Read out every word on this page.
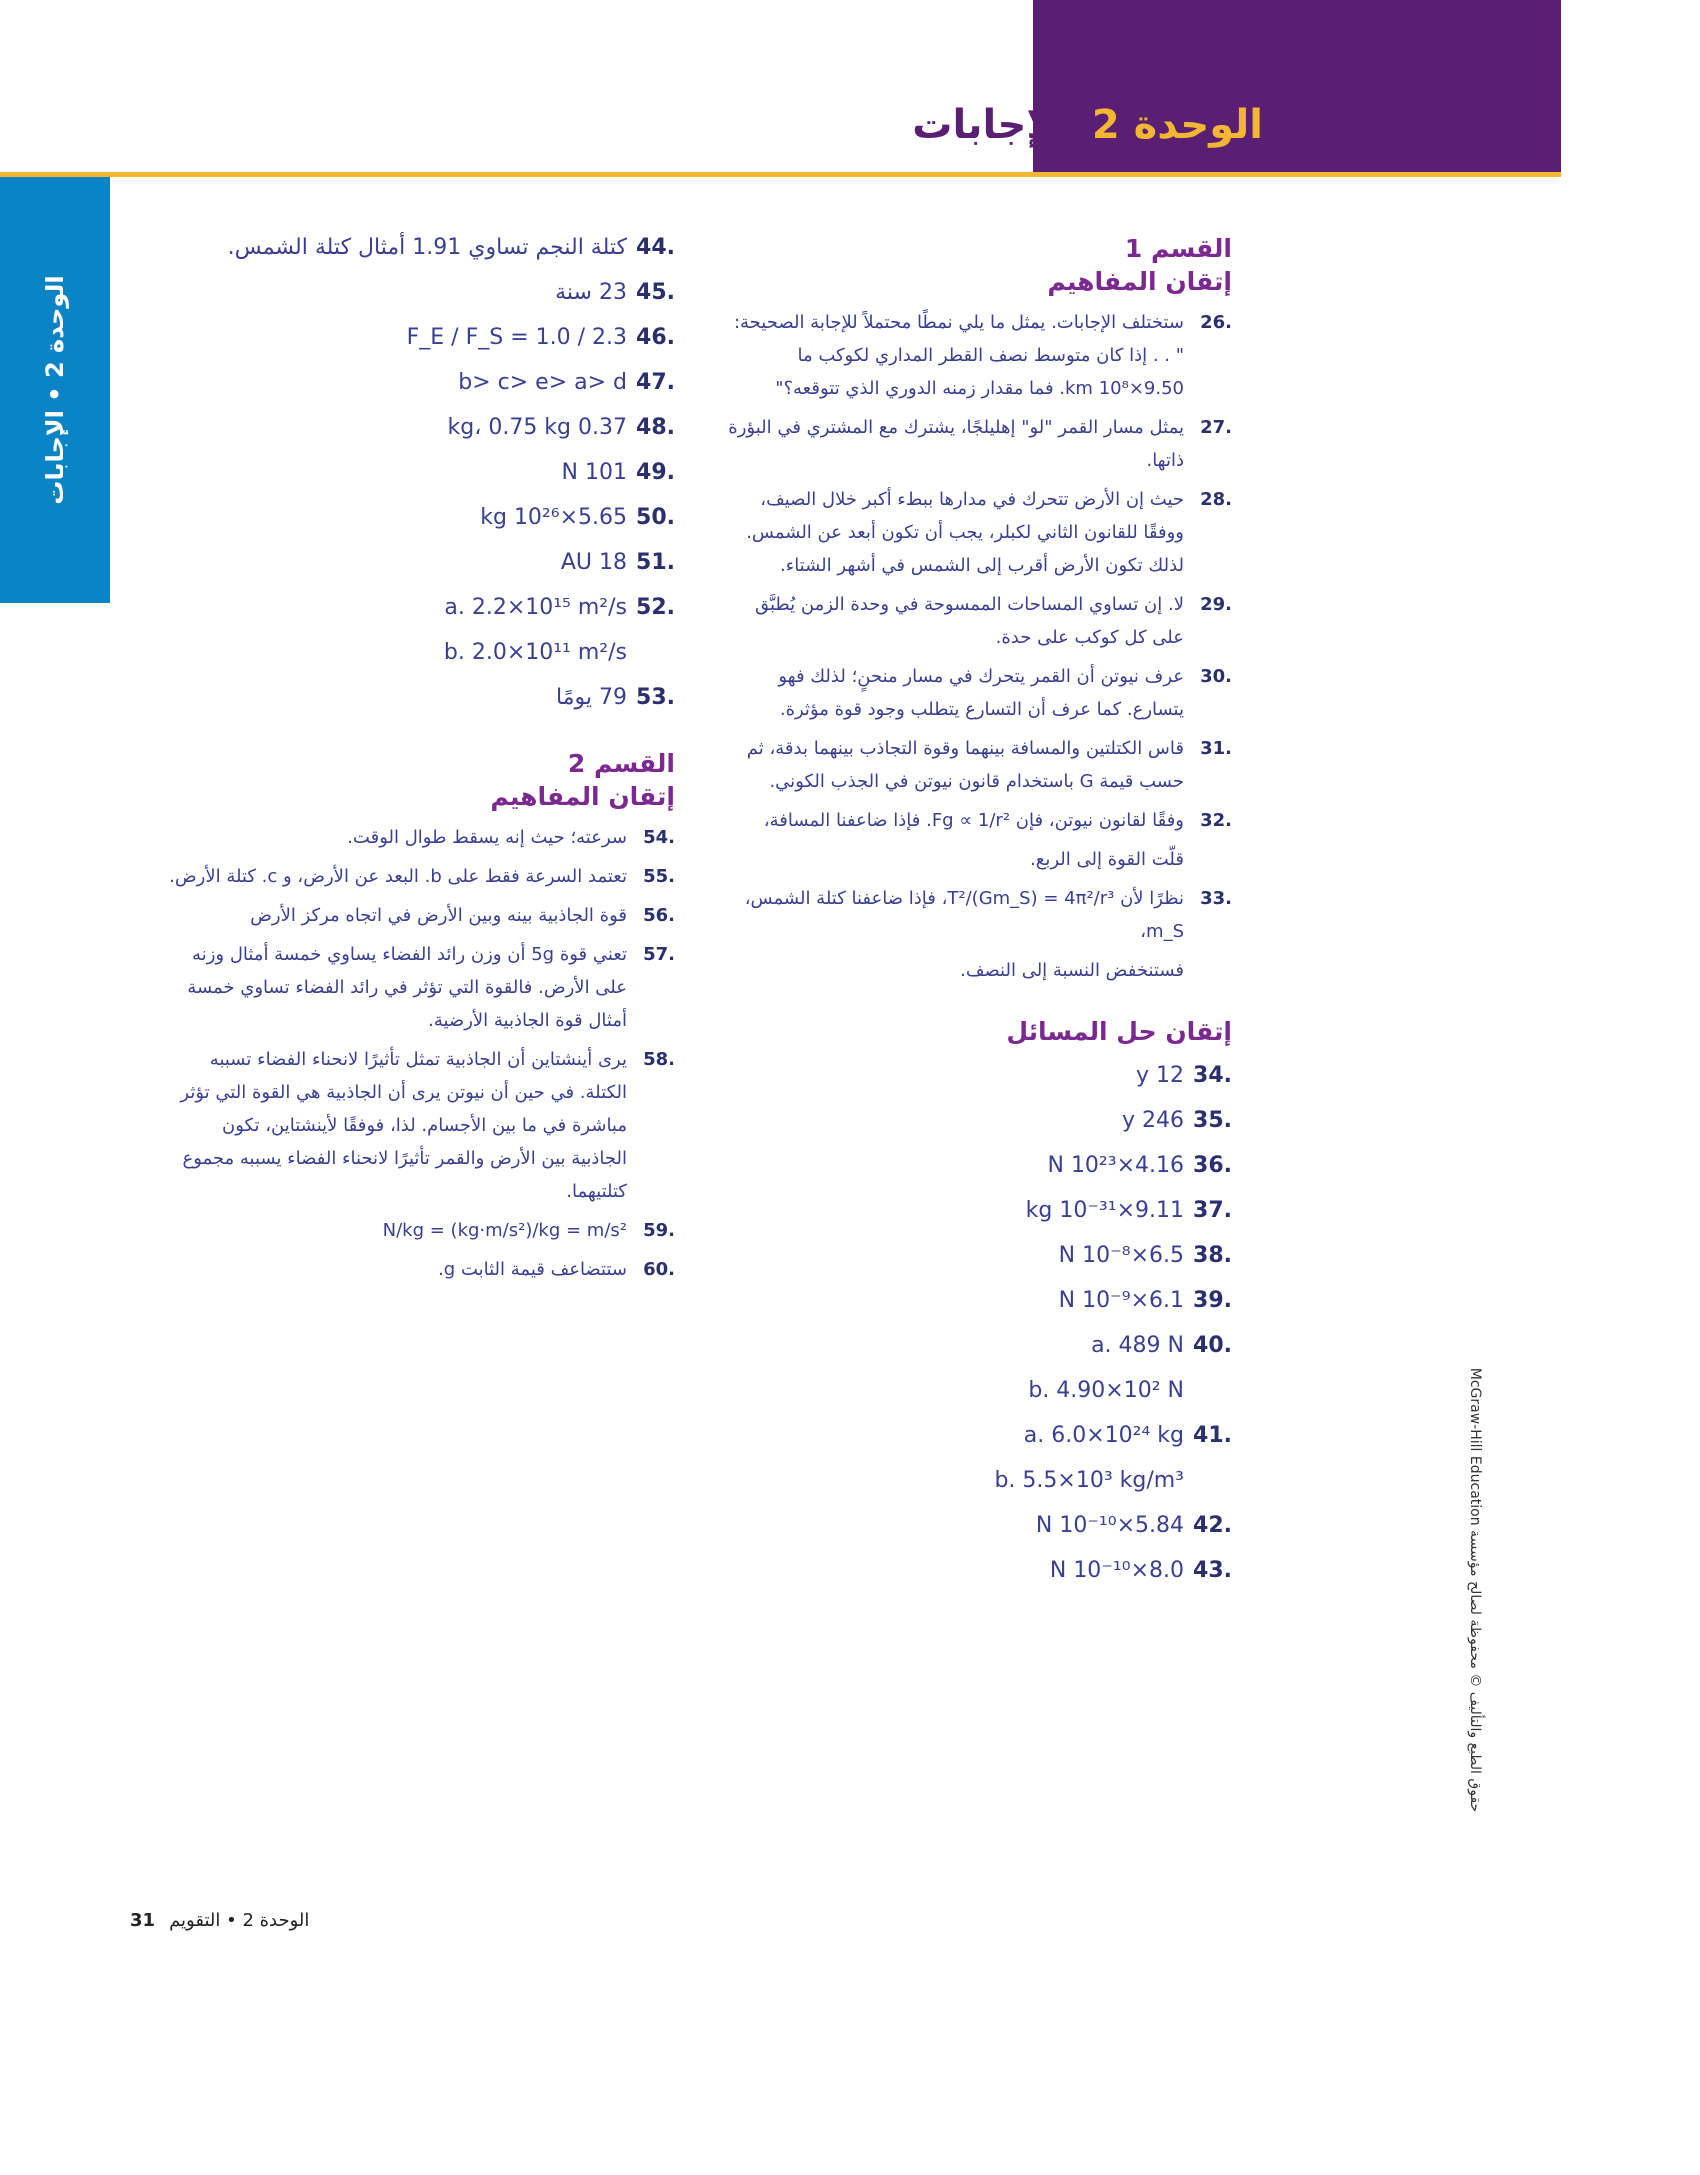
الوحدة 2الإجابات
الوحدة 2 • الإجابات
القسم 1
إتقان المفاهيم
.26
ستختلف الإجابات. يمثل ما يلي نمطًا محتملاً للإجابة الصحيحة: " . . إذا كان متوسط نصف القطر المداري لكوكب ما 9.50×10⁸ km. فما مقدار زمنه الدوري الذي تتوقعه؟"
.27
يمثل مسار القمر "لو" إهليلجًا، يشترك مع المشتري في البؤرة ذاتها.
.28
حيث إن الأرض تتحرك في مدارها ببطء أكبر خلال الصيف، ووفقًا للقانون الثاني لكبلر، يجب أن تكون أبعد عن الشمس. لذلك تكون الأرض أقرب إلى الشمس في أشهر الشتاء.
.29
لا. إن تساوي المساحات الممسوحة في وحدة الزمن يُطبَّق على كل كوكب على حدة.
.30
عرف نيوتن أن القمر يتحرك في مسار منحنٍ؛ لذلك فهو يتسارع. كما عرف أن التسارع يتطلب وجود قوة مؤثرة.
.31
قاس الكتلتين والمسافة بينهما وقوة التجاذب بينهما بدقة، ثم حسب قيمة G باستخدام قانون نيوتن في الجذب الكوني.
.32
وفقًا لقانون نيوتن، فإن Fg ∝ 1/r². فإذا ضاعفنا المسافة،
قلّت القوة إلى الربع.
.33
نظرًا لأن T²/(Gm_S) = 4π²/r³، فإذا ضاعفنا كتلة الشمس، m_S،
فستنخفض النسبة إلى النصف.
إتقان حل المسائل
.34
12 y
.35
246 y
.36
4.16×10²³ N
.37
9.11×10⁻³¹ kg
.38
6.5×10⁻⁸ N
.39
6.1×10⁻⁹ N
.40
a. 489 N
b. 4.90×10² N
.41
a. 6.0×10²⁴ kg
b. 5.5×10³ kg/m³
.42
5.84×10⁻¹⁰ N
.43
8.0×10⁻¹⁰ N
.44
كتلة النجم تساوي 1.91 أمثال كتلة الشمس.
.45
23 سنة
.46
F_E / F_S = 1.0 / 2.3
.47
b> c> e> a> d
.48
0.37 kg، 0.75 kg
.49
101 N
.50
5.65×10²⁶ kg
.51
18 AU
.52
a. 2.2×10¹⁵ m²/s
b. 2.0×10¹¹ m²/s
.53
79 يومًا
القسم 2
إتقان المفاهيم
.54
سرعته؛ حيث إنه يسقط طوال الوقت.
.55
تعتمد السرعة فقط على b. البعد عن الأرض، و c. كتلة الأرض.
.56
قوة الجاذبية بينه وبين الأرض في اتجاه مركز الأرض
.57
تعني قوة 5g أن وزن رائد الفضاء يساوي خمسة أمثال وزنه على الأرض. فالقوة التي تؤثر في رائد الفضاء تساوي خمسة أمثال قوة الجاذبية الأرضية.
.58
يرى أينشتاين أن الجاذبية تمثل تأثيرًا لانحناء الفضاء تسببه الكتلة. في حين أن نيوتن يرى أن الجاذبية هي القوة التي تؤثر مباشرة في ما بين الأجسام. لذا، فوفقًا لأينشتاين، تكون الجاذبية بين الأرض والقمر تأثيرًا لانحناء الفضاء يسببه مجموع كتلتيهما.
.59
N/kg = (kg·m/s²)/kg = m/s²
.60
ستتضاعف قيمة الثابت g.
حقوق الطبع والتأليف © محفوظة لصالح مؤسسة McGraw-Hill Education
الوحدة 2 • التقويم31
